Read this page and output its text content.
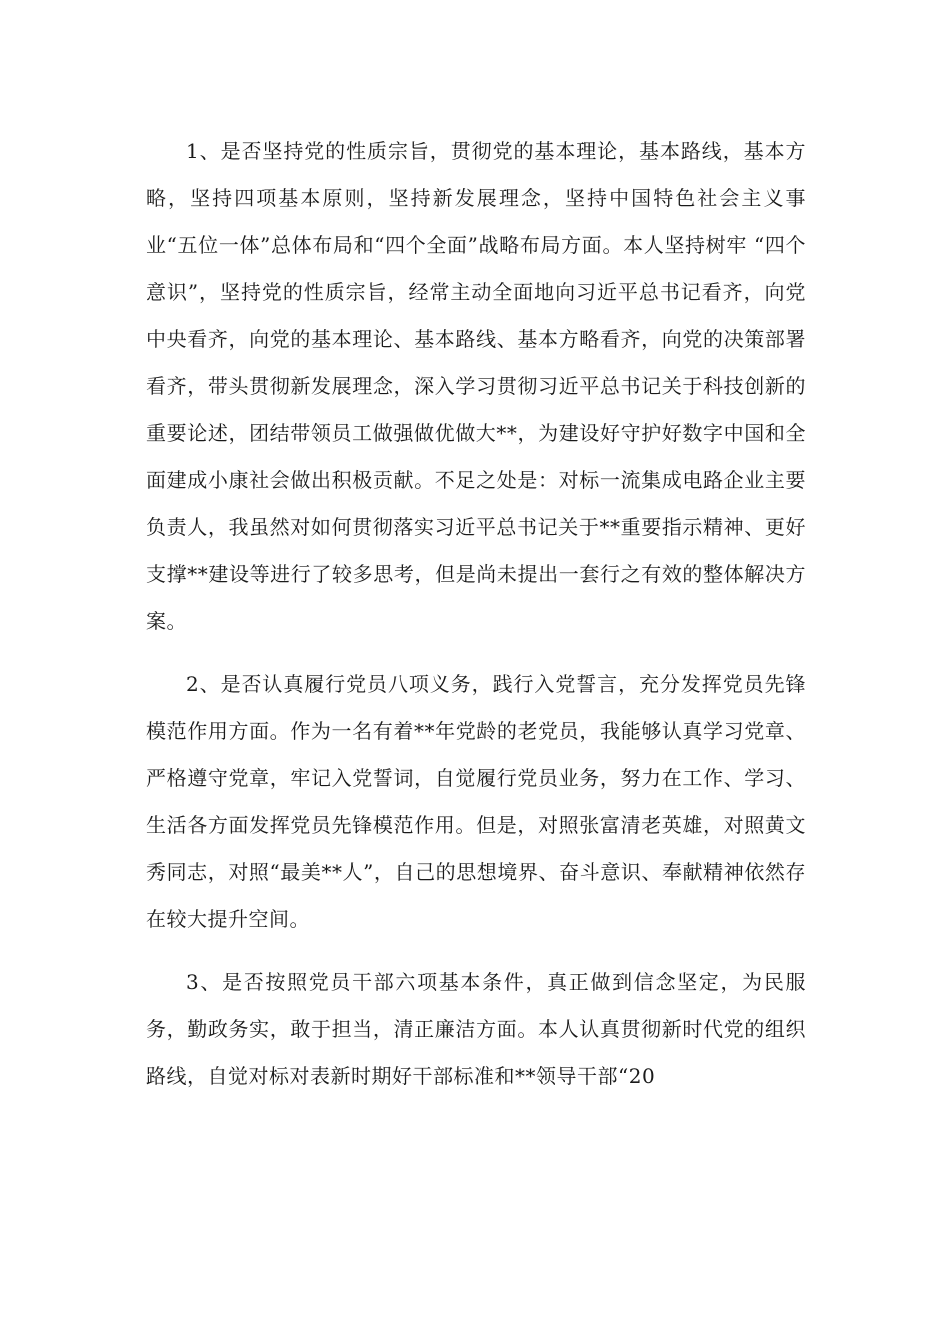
1、是否坚持党的性质宗旨，贯彻党的基本理论，基本路线，基本方略，坚持四项基本原则，坚持新发展理念，坚持中国特色社会主义事业“五位一体”总体布局和“四个全面”战略布局方面。本人坚持树牢 “四个意识”，坚持党的性质宗旨，经常主动全面地向习近平总书记看齐，向党中央看齐，向党的基本理论、基本路线、基本方略看齐，向党的决策部署看齐，带头贯彻新发展理念，深入学习贯彻习近平总书记关于科技创新的重要论述，团结带领员工做强做优做大**，为建设好守护好数字中国和全面建成小康社会做出积极贡献。不足之处是：对标一流集成电路企业主要负责人，我虽然对如何贯彻落实习近平总书记关于**重要指示精神、更好支撑**建设等进行了较多思考，但是尚未提出一套行之有效的整体解决方案。

2、是否认真履行党员八项义务，践行入党誓言，充分发挥党员先锋模范作用方面。作为一名有着**年党龄的老党员，我能够认真学习党章、严格遵守党章，牢记入党誓词，自觉履行党员业务，努力在工作、学习、生活各方面发挥党员先锋模范作用。但是，对照张富清老英雄，对照黄文秀同志，对照“最美**人”，自己的思想境界、奋斗意识、奉献精神依然存在较大提升空间。

3、是否按照党员干部六项基本条件，真正做到信念坚定，为民服务，勤政务实，敢于担当，清正廉洁方面。本人认真贯彻新时代党的组织路线，自觉对标对表新时期好干部标准和**领导干部“20
